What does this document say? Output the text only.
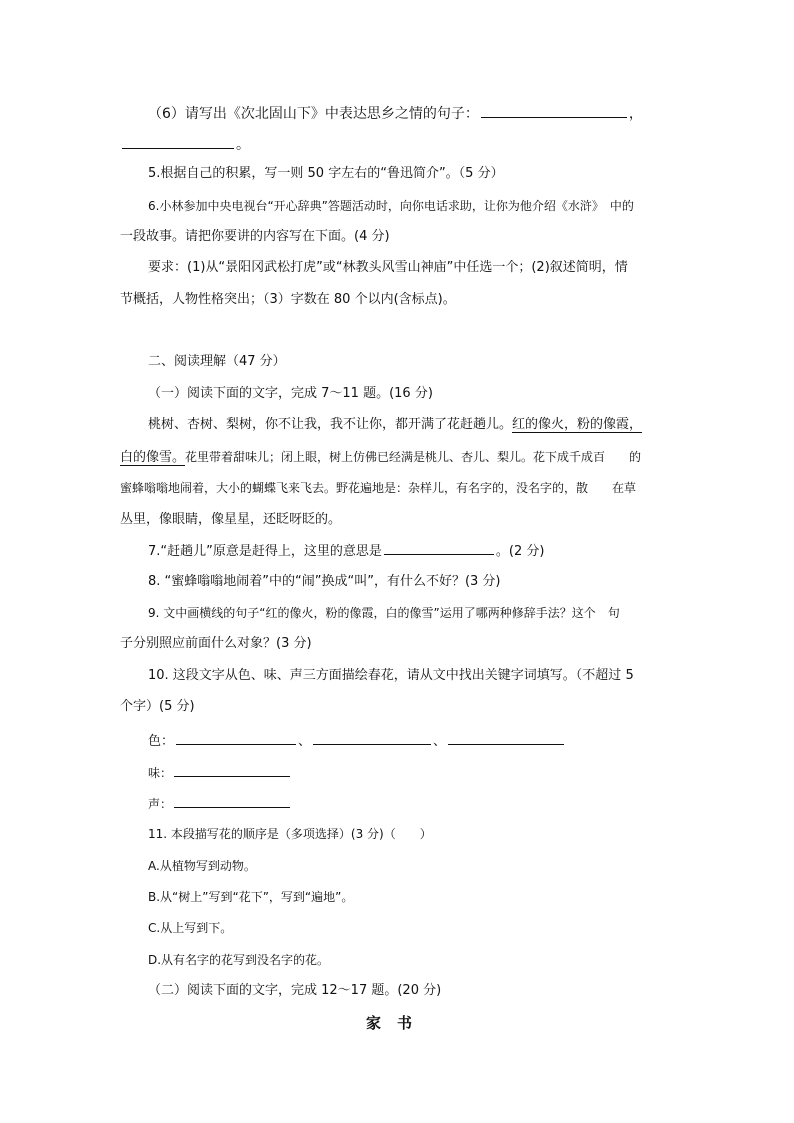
（6）请写出《次北固山下》中表达思乡之情的句子：	，
。
5.根据自己的积累，写一则 50 字左右的“鲁迅简介”。（5 分）
6.小林参加中央电视台“开心辞典”答题活动时，向你电话求助，让你为他介绍《水浒》　中的
一段故事。请把你要讲的内容写在下面。(4 分)
要求：(1)从“景阳冈武松打虎”或“林教头风雪山神庙”中任选一个；(2)叙述简明，情
节概括，人物性格突出；（3）字数在 80 个以内(含标点)。
二、阅读理解（47 分）
（一）阅读下面的文字，完成 7～11 题。(16 分)
桃树、杏树、梨树，你不让我，我不让你，都开满了花赶趟儿。红的像火，粉的像霞，
白的像雪。花里带着甜味儿；闭上眼，树上仿佛已经满是桃儿、杏儿、梨儿。花下成千成百　　的
蜜蜂嗡嗡地闹着，大小的蝴蝶飞来飞去。野花遍地是：杂样儿，有名字的，没名字的，散　　在草
丛里，像眼睛，像星星，还眨呀眨的。
7.“赶趟儿”原意是赶得上，这里的意思是	。(2 分)
8. “蜜蜂嗡嗡地闹着”中的“闹”换成“叫”，有什么不好？(3 分)
9. 文中画横线的句子“红的像火，粉的像霞，白的像雪”运用了哪两种修辞手法？这个　句
子分别照应前面什么对象？(3 分)
10. 这段文字从色、味、声三方面描绘春花，请从文中找出关键字词填写。（不超过 5
个字）(5 分)
色：	、	、
味：
声：
11. 本段描写花的顺序是（多项选择）(3 分)（　　）
A.从植物写到动物。
B.从“树上”写到“花下”，写到“遍地”。
C.从上写到下。
D.从有名字的花写到没名字的花。
（二）阅读下面的文字，完成 12～17 题。(20 分)
家书
